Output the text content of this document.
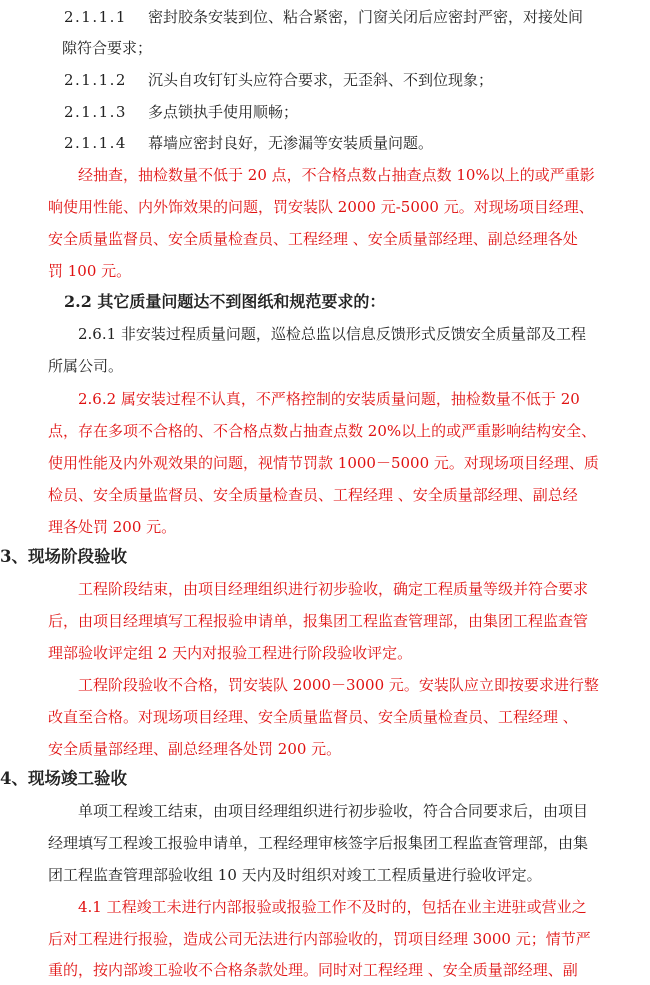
2.1.1.1 密封胶条安装到位、粘合紧密，门窗关闭后应密封严密，对接处间
隙符合要求；
2.1.1.2 沉头自攻钉钉头应符合要求，无歪斜、不到位现象；
2.1.1.3 多点锁执手使用顺畅；
2.1.1.4 幕墙应密封良好，无渗漏等安装质量问题。
经抽查，抽检数量不低于 20 点，不合格点数占抽查点数 10%以上的或严重影
响使用性能、内外饰效果的问题，罚安装队 2000 元-5000 元。对现场项目经理、
安全质量监督员、安全质量检查员、工程经理 、安全质量部经理、副总经理各处
罚 100 元。
2.2 其它质量问题达不到图纸和规范要求的：
2.6.1 非安装过程质量问题，巡检总监以信息反馈形式反馈安全质量部及工程
所属公司。
2.6.2 属安装过程不认真，不严格控制的安装质量问题，抽检数量不低于 20
点，存在多项不合格的、不合格点数占抽查点数 20%以上的或严重影响结构安全、
使用性能及内外观效果的问题，视情节罚款 1000－5000 元。对现场项目经理、质
检员、安全质量监督员、安全质量检查员、工程经理 、安全质量部经理、副总经
理各处罚 200 元。
3、现场阶段验收
工程阶段结束，由项目经理组织进行初步验收，确定工程质量等级并符合要求
后，由项目经理填写工程报验申请单，报集团工程监查管理部，由集团工程监查管
理部验收评定组 2 天内对报验工程进行阶段验收评定。
工程阶段验收不合格，罚安装队 2000－3000 元。安装队应立即按要求进行整
改直至合格。对现场项目经理、安全质量监督员、安全质量检查员、工程经理 、
安全质量部经理、副总经理各处罚 200 元。
4、现场竣工验收
单项工程竣工结束，由项目经理组织进行初步验收，符合合同要求后，由项目
经理填写工程竣工报验申请单，工程经理审核签字后报集团工程监查管理部，由集
团工程监查管理部验收组 10 天内及时组织对竣工工程质量进行验收评定。
4.1 工程竣工未进行内部报验或报验工作不及时的，包括在业主进驻或营业之
后对工程进行报验，造成公司无法进行内部验收的，罚项目经理 3000 元；情节严
重的，按内部竣工验收不合格条款处理。同时对工程经理 、安全质量部经理、副
